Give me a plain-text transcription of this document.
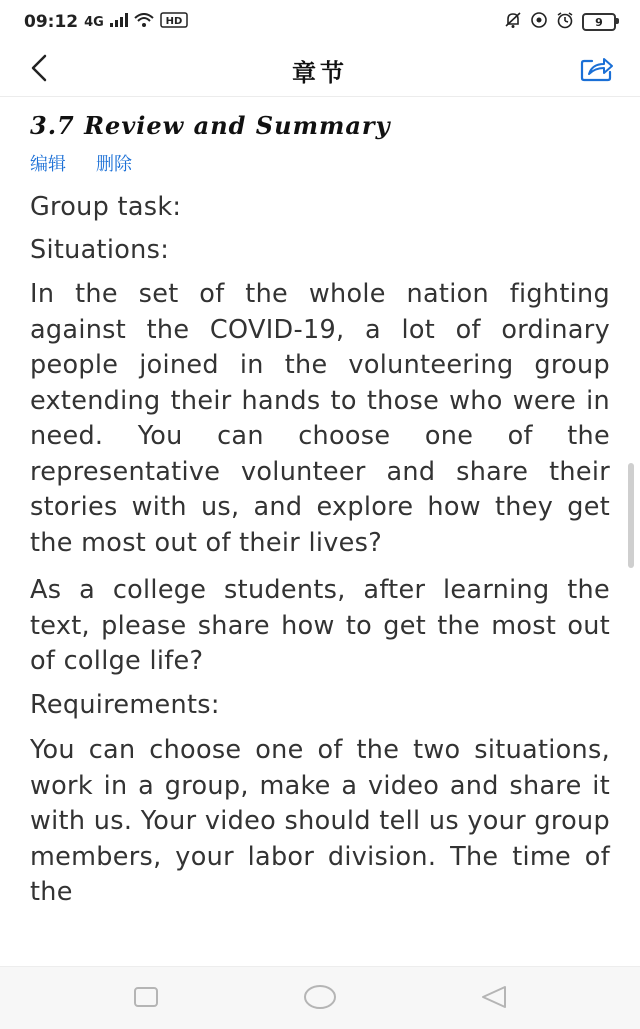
09:12 4G	HD	9
章节
3.7 Review and Summary
编辑 删除

Group task:

Situations:

In the set of the whole nation fighting against the COVID-19, a lot of ordinary people joined in the volunteering group extending their hands to those who were in need. You can choose one of the representative volunteer and share their stories with us, and explore how they get the most out of their lives?

As a college students, after learning the text, please share how to get the most out of collge life?

Requirements:

You can choose one of the two situations, work in a group, make a video and share it with us. Your video should tell us your group members, your labor division. The time of the
